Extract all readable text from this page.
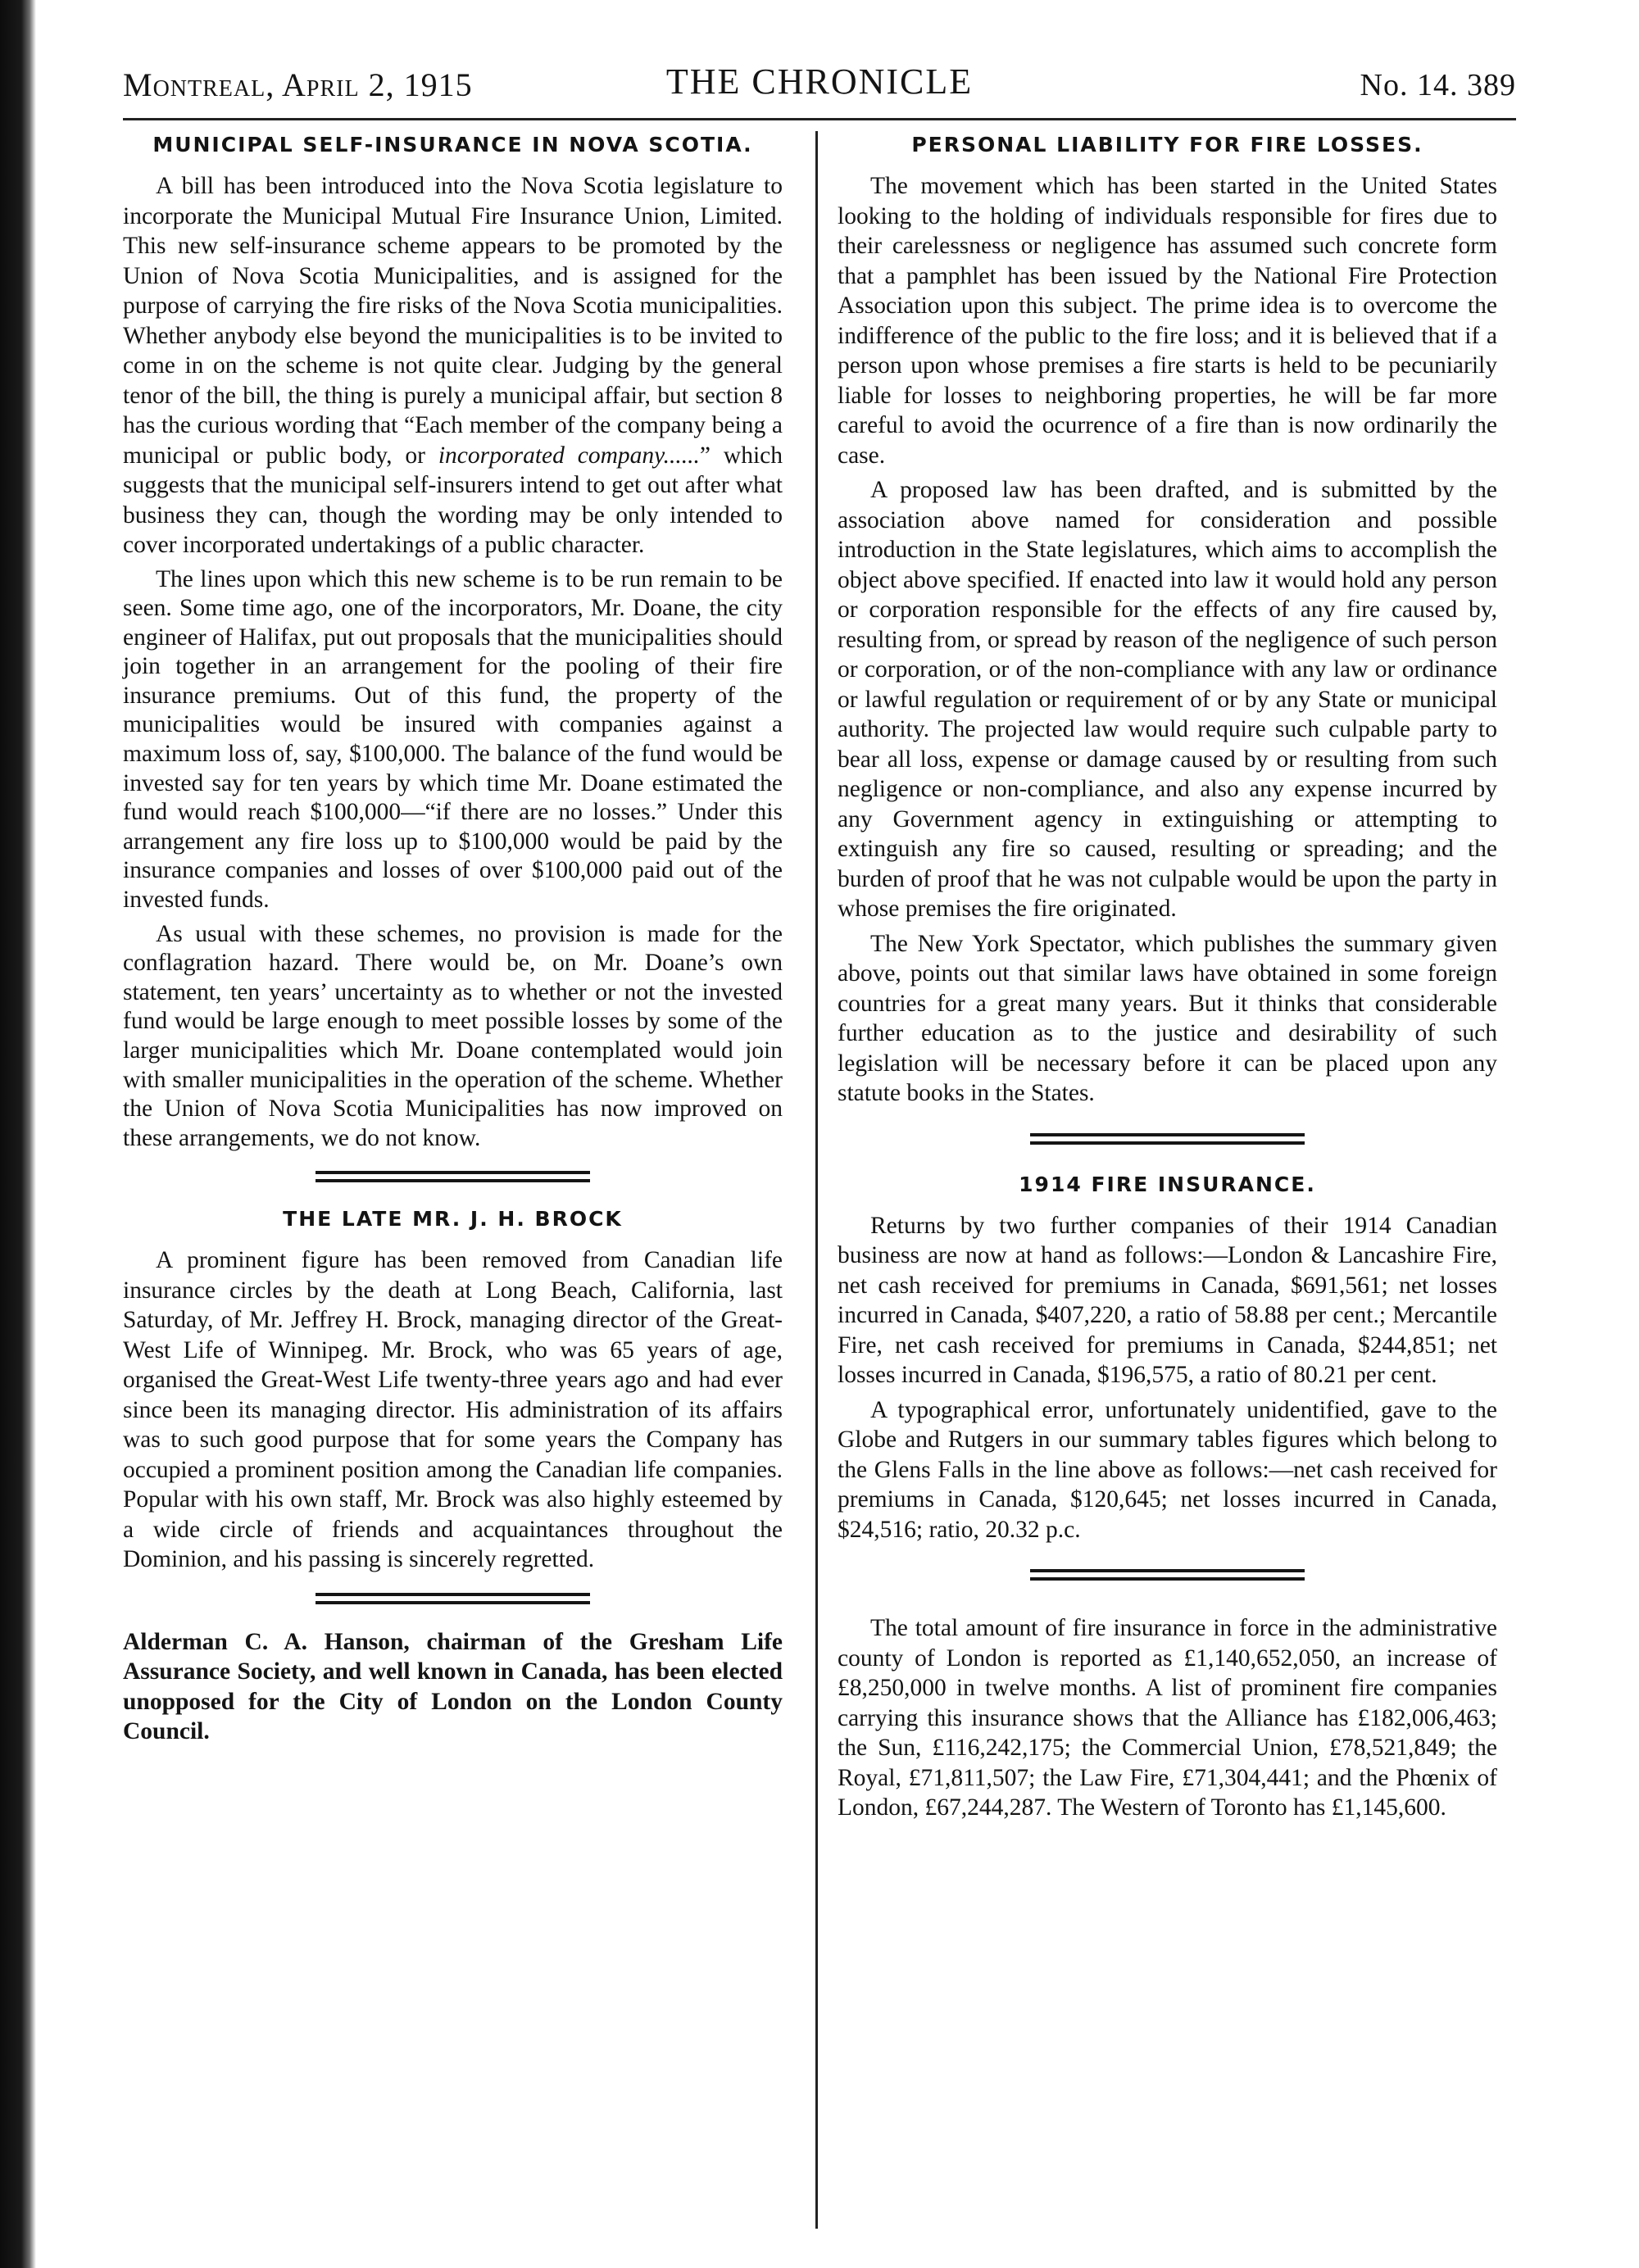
Montreal, April 2, 1915	THE CHRONICLE	No. 14. 389
MUNICIPAL SELF-INSURANCE IN NOVA SCOTIA.

A bill has been introduced into the Nova Scotia legislature to incorporate the Municipal Mutual Fire Insurance Union, Limited. This new self-insurance scheme appears to be promoted by the Union of Nova Scotia Municipalities, and is assigned for the purpose of carrying the fire risks of the Nova Scotia municipalities. Whether anybody else beyond the municipalities is to be invited to come in on the scheme is not quite clear. Judging by the general tenor of the bill, the thing is purely a municipal affair, but section 8 has the curious wording that “Each member of the company being a municipal or public body, or incorporated company......” which suggests that the municipal self-insurers intend to get out after what business they can, though the wording may be only intended to cover incorporated undertakings of a public character.

The lines upon which this new scheme is to be run remain to be seen. Some time ago, one of the incorporators, Mr. Doane, the city engineer of Halifax, put out proposals that the municipalities should join together in an arrangement for the pooling of their fire insurance premiums. Out of this fund, the property of the municipalities would be insured with companies against a maximum loss of, say, $100,000. The balance of the fund would be invested say for ten years by which time Mr. Doane estimated the fund would reach $100,000—“if there are no losses.” Under this arrangement any fire loss up to $100,000 would be paid by the insurance companies and losses of over $100,000 paid out of the invested funds.

As usual with these schemes, no provision is made for the conflagration hazard. There would be, on Mr. Doane’s own statement, ten years’ uncertainty as to whether or not the invested fund would be large enough to meet possible losses by some of the larger municipalities which Mr. Doane contemplated would join with smaller municipalities in the operation of the scheme. Whether the Union of Nova Scotia Municipalities has now improved on these arrangements, we do not know.

THE LATE MR. J. H. BROCK

A prominent figure has been removed from Canadian life insurance circles by the death at Long Beach, California, last Saturday, of Mr. Jeffrey H. Brock, managing director of the Great-West Life of Winnipeg. Mr. Brock, who was 65 years of age, organised the Great-West Life twenty-three years ago and had ever since been its managing director. His administration of its affairs was to such good purpose that for some years the Company has occupied a prominent position among the Canadian life companies. Popular with his own staff, Mr. Brock was also highly esteemed by a wide circle of friends and acquaintances throughout the Dominion, and his passing is sincerely regretted.

Alderman C. A. Hanson, chairman of the Gresham Life Assurance Society, and well known in Canada, has been elected unopposed for the City of London on the London County Council.

PERSONAL LIABILITY FOR FIRE LOSSES.

The movement which has been started in the United States looking to the holding of individuals responsible for fires due to their carelessness or negligence has assumed such concrete form that a pamphlet has been issued by the National Fire Protection Association upon this subject. The prime idea is to overcome the indifference of the public to the fire loss; and it is believed that if a person upon whose premises a fire starts is held to be pecuniarily liable for losses to neighboring properties, he will be far more careful to avoid the ocurrence of a fire than is now ordinarily the case.

A proposed law has been drafted, and is submitted by the association above named for consideration and possible introduction in the State legislatures, which aims to accomplish the object above specified. If enacted into law it would hold any person or corporation responsible for the effects of any fire caused by, resulting from, or spread by reason of the negligence of such person or corporation, or of the non-compliance with any law or ordinance or lawful regulation or requirement of or by any State or municipal authority. The projected law would require such culpable party to bear all loss, expense or damage caused by or resulting from such negligence or non-compliance, and also any expense incurred by any Government agency in extinguishing or attempting to extinguish any fire so caused, resulting or spreading; and the burden of proof that he was not culpable would be upon the party in whose premises the fire originated.

The New York Spectator, which publishes the summary given above, points out that similar laws have obtained in some foreign countries for a great many years. But it thinks that considerable further education as to the justice and desirability of such legislation will be necessary before it can be placed upon any statute books in the States.

1914 FIRE INSURANCE.

Returns by two further companies of their 1914 Canadian business are now at hand as follows:—London & Lancashire Fire, net cash received for premiums in Canada, $691,561; net losses incurred in Canada, $407,220, a ratio of 58.88 per cent.; Mercantile Fire, net cash received for premiums in Canada, $244,851; net losses incurred in Canada, $196,575, a ratio of 80.21 per cent.

A typographical error, unfortunately unidentified, gave to the Globe and Rutgers in our summary tables figures which belong to the Glens Falls in the line above as follows:—net cash received for premiums in Canada, $120,645; net losses incurred in Canada, $24,516; ratio, 20.32 p.c.

The total amount of fire insurance in force in the administrative county of London is reported as £1,140,652,050, an increase of £8,250,000 in twelve months. A list of prominent fire companies carrying this insurance shows that the Alliance has £182,006,463; the Sun, £116,242,175; the Commercial Union, £78,521,849; the Royal, £71,811,507; the Law Fire, £71,304,441; and the Phœnix of London, £67,244,287. The Western of Toronto has £1,145,600.
